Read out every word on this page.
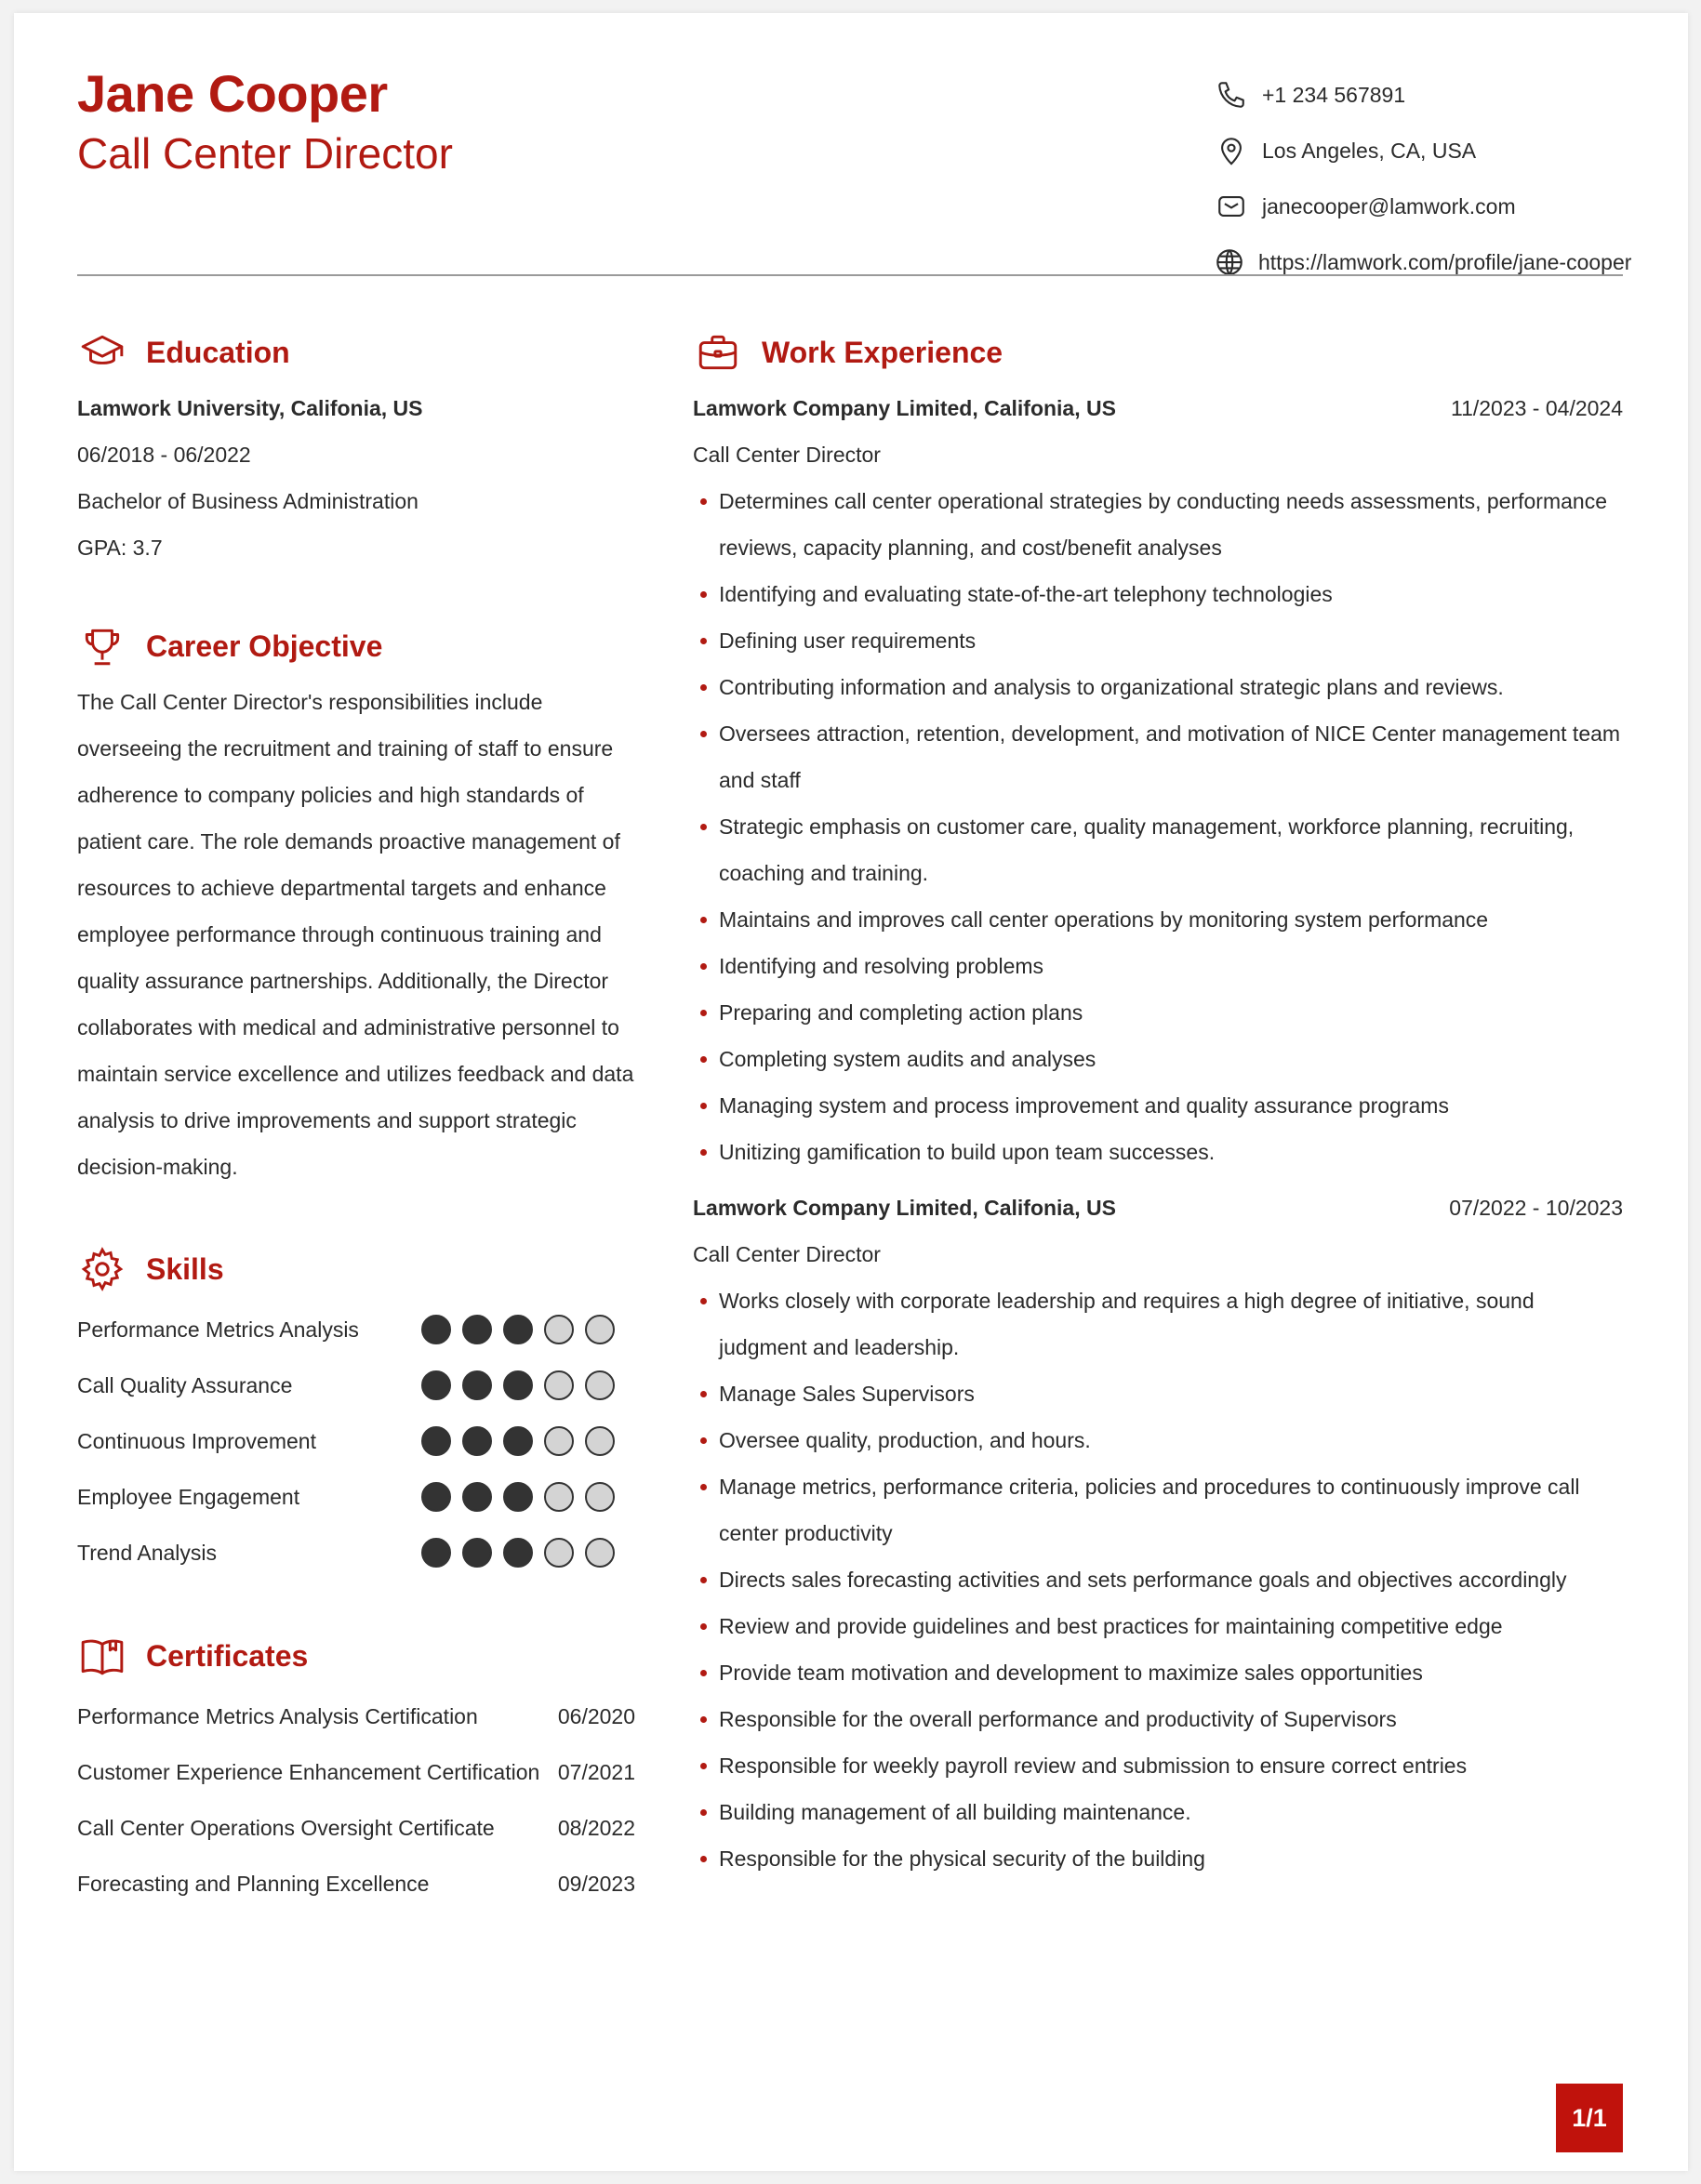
Jane Cooper
Call Center Director
+1 234 567891
Los Angeles, CA, USA
janecooper@lamwork.com
https://lamwork.com/profile/jane-cooper
Education
Lamwork University, Califonia, US
06/2018 - 06/2022
Bachelor of Business Administration
GPA: 3.7
Career Objective
The Call Center Director's responsibilities include overseeing the recruitment and training of staff to ensure adherence to company policies and high standards of patient care. The role demands proactive management of resources to achieve departmental targets and enhance employee performance through continuous training and quality assurance partnerships. Additionally, the Director collaborates with medical and administrative personnel to maintain service excellence and utilizes feedback and data analysis to drive improvements and support strategic decision-making.
Skills
Performance Metrics Analysis
Call Quality Assurance
Continuous Improvement
Employee Engagement
Trend Analysis
Certificates
Performance Metrics Analysis Certification	06/2020
Customer Experience Enhancement Certification 07/2021
Call Center Operations Oversight Certificate	08/2022
Forecasting and Planning Excellence	09/2023
Work Experience
Lamwork Company Limited, Califonia, US	11/2023 - 04/2024
Call Center Director
Determines call center operational strategies by conducting needs assessments, performance reviews, capacity planning, and cost/benefit analyses
Identifying and evaluating state-of-the-art telephony technologies
Defining user requirements
Contributing information and analysis to organizational strategic plans and reviews.
Oversees attraction, retention, development, and motivation of NICE Center management team and staff
Strategic emphasis on customer care, quality management, workforce planning, recruiting, coaching and training.
Maintains and improves call center operations by monitoring system performance
Identifying and resolving problems
Preparing and completing action plans
Completing system audits and analyses
Managing system and process improvement and quality assurance programs
Unitizing gamification to build upon team successes.
Lamwork Company Limited, Califonia, US	07/2022 - 10/2023
Call Center Director
Works closely with corporate leadership and requires a high degree of initiative, sound judgment and leadership.
Manage Sales Supervisors
Oversee quality, production, and hours.
Manage metrics, performance criteria, policies and procedures to continuously improve call center productivity
Directs sales forecasting activities and sets performance goals and objectives accordingly
Review and provide guidelines and best practices for maintaining competitive edge
Provide team motivation and development to maximize sales opportunities
Responsible for the overall performance and productivity of Supervisors
Responsible for weekly payroll review and submission to ensure correct entries
Building management of all building maintenance.
Responsible for the physical security of the building
1/1
